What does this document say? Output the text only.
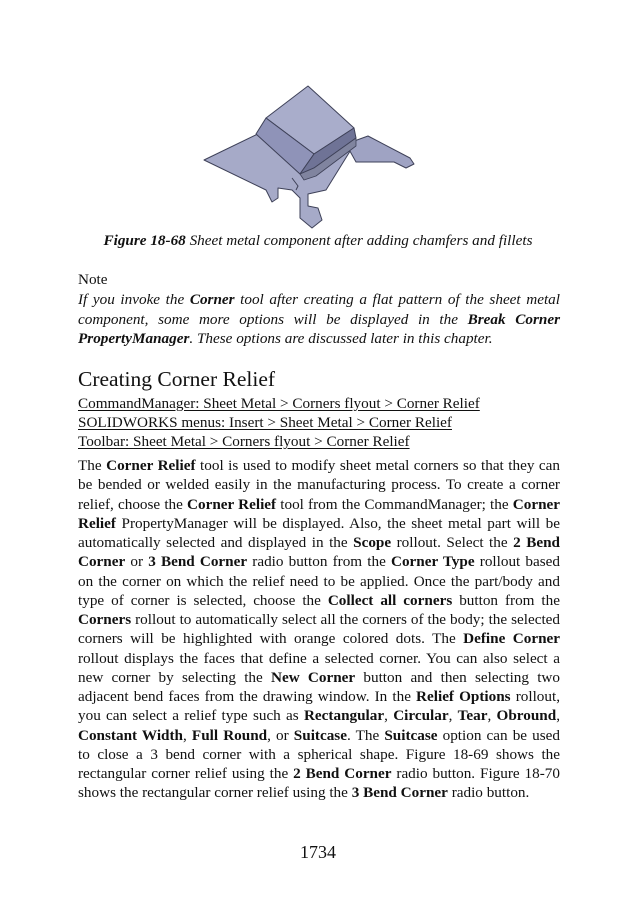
Figure 18-68 Sheet metal component after adding chamfers and fillets
Note
If you invoke the Corner tool after creating a flat pattern of the sheet metal component, some more options will be displayed in the Break Corner PropertyManager. These options are discussed later in this chapter.
Creating Corner Relief
CommandManager: Sheet Metal > Corners flyout > Corner Relief
SOLIDWORKS menus: Insert > Sheet Metal > Corner Relief
Toolbar: Sheet Metal > Corners flyout > Corner Relief
The Corner Relief tool is used to modify sheet metal corners so that they can be bended or welded easily in the manufacturing process. To create a corner relief, choose the Corner Relief tool from the CommandManager; the Corner Relief PropertyManager will be displayed. Also, the sheet metal part will be automatically selected and displayed in the Scope rollout. Select the 2 Bend Corner or 3 Bend Corner radio button from the Corner Type rollout based on the corner on which the relief need to be applied. Once the part/body and type of corner is selected, choose the Collect all corners button from the Corners rollout to automatically select all the corners of the body; the selected corners will be highlighted with orange colored dots. The Define Corner rollout displays the faces that define a selected corner. You can also select a new corner by selecting the New Corner button and then selecting two adjacent bend faces from the drawing window. In the Relief Options rollout, you can select a relief type such as Rectangular, Circular, Tear, Obround, Constant Width, Full Round, or Suitcase. The Suitcase option can be used to close a 3 bend corner with a spherical shape. Figure 18-69 shows the rectangular corner relief using the 2 Bend Corner radio button. Figure 18-70 shows the rectangular corner relief using the 3 Bend Corner radio button.
1734
